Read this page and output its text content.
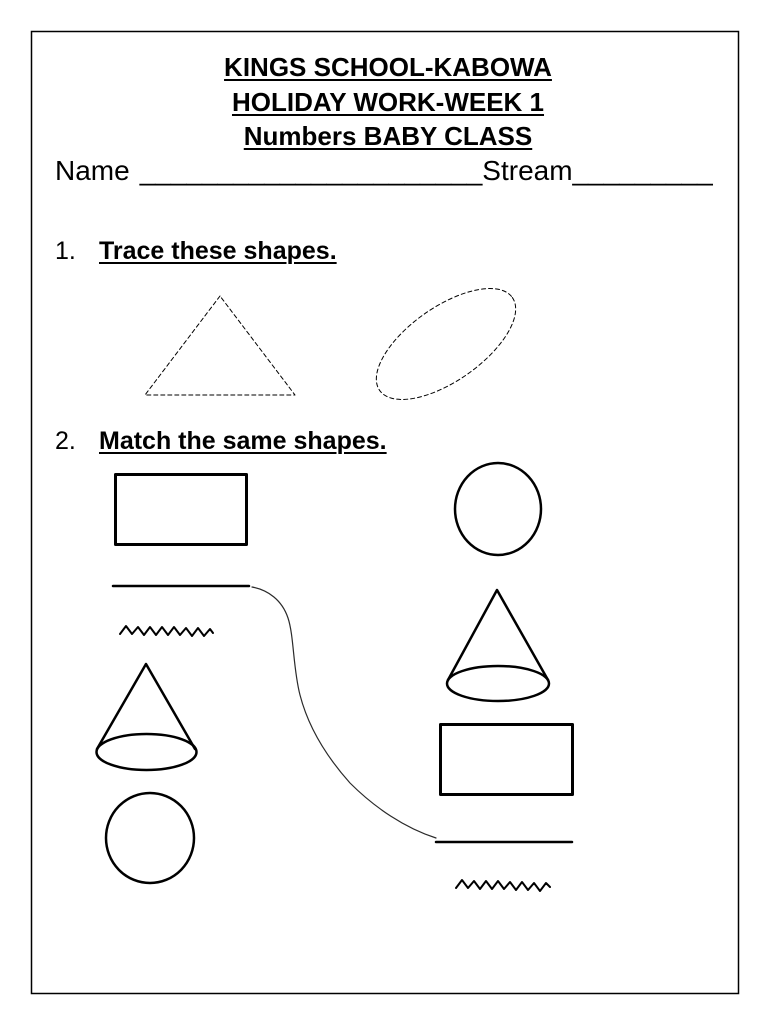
KINGS SCHOOL-KABOWA
HOLIDAY WORK-WEEK 1
Numbers BABY CLASS
Name ______________________ Stream _________
1. Trace these shapes.
2. Match the same shapes.
